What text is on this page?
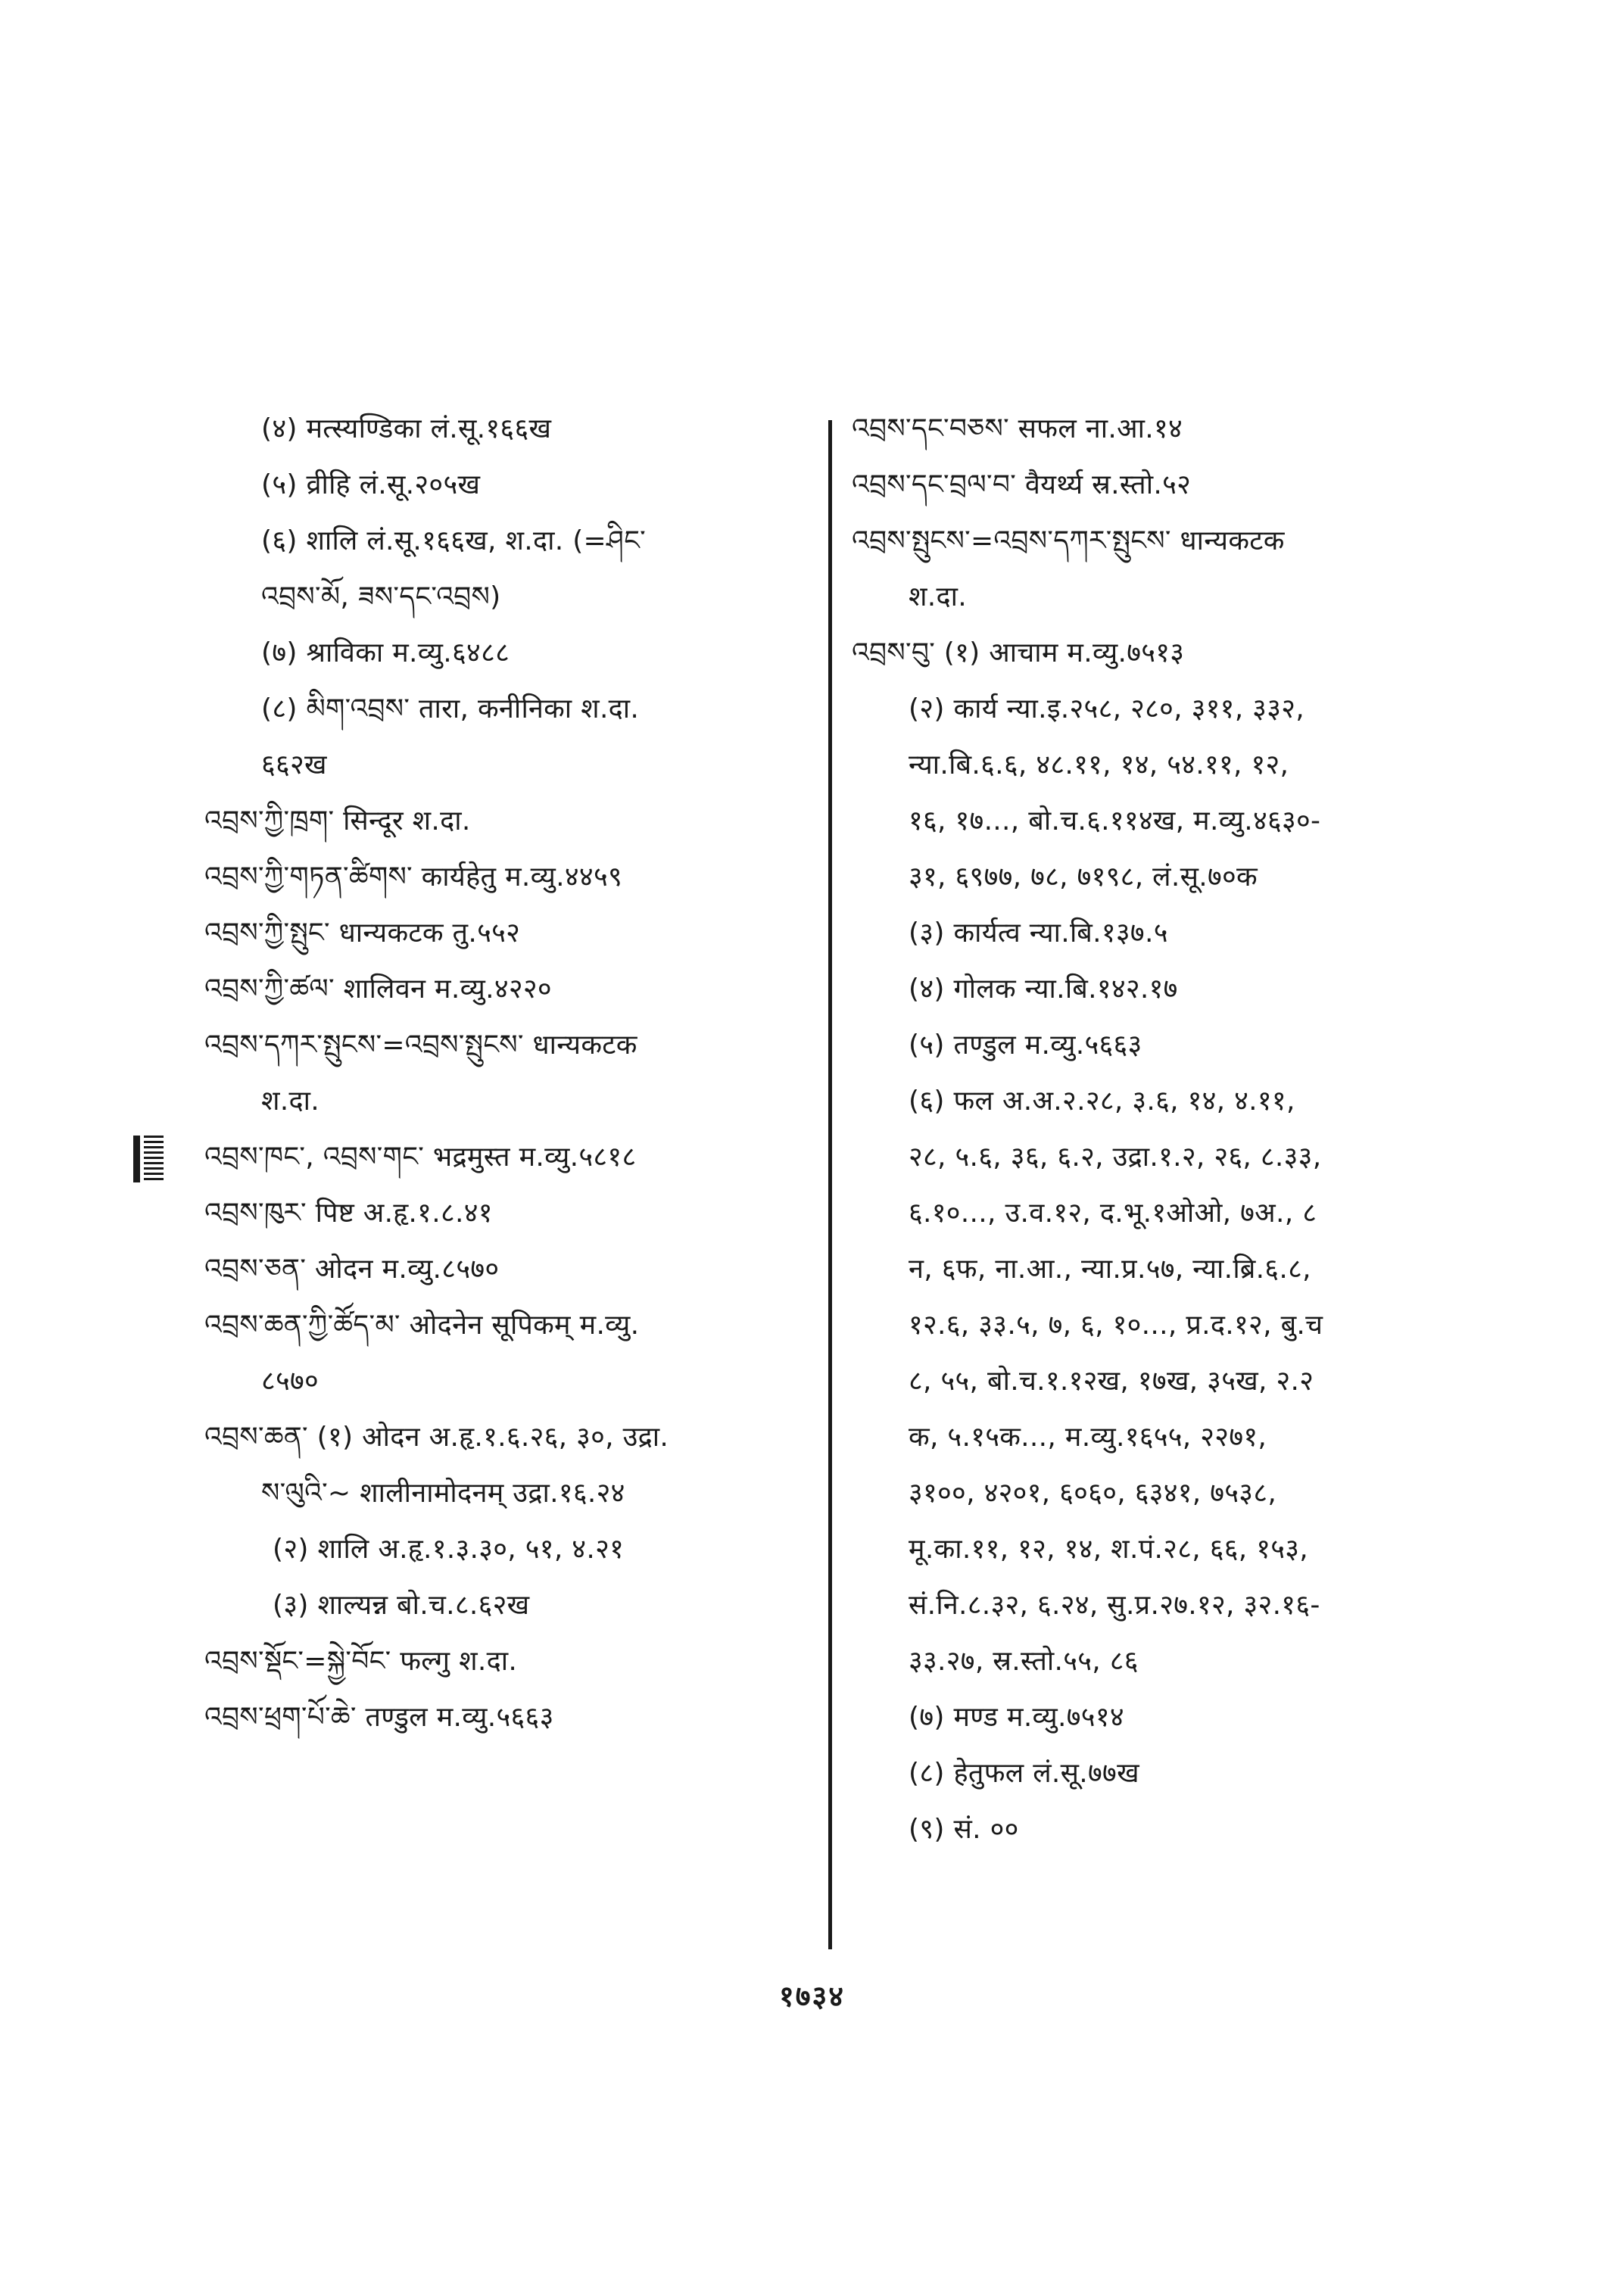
(४) मत्स्यण्डिका लं.सू.१६६ख
(५) व्रीहि लं.सू.२०५ख
(६) शालि लं.सू.१६६ख, श.दा. (=ཤིང་
འབྲས་མོ, ཟས་དང་འབྲས)
(७) श्राविका म.व्यु.६४८८
(८) མིག་འབྲས་ तारा, कनीनिका श.दा.
६६२ख
འབྲས་ཀྱི་ཁྲག་ सिन्दूर श.दा.
འབྲས་ཀྱི་གཏན་ཚིགས་ कार्यहेतु म.व्यु.४४५९
འབྲས་ཀྱི་སྤུང་ धान्यकटक तु.५५२
འབྲས་ཀྱི་ཚལ་ शालिवन म.व्यु.४२२०
འབྲས་དཀར་སྤུངས་=འབྲས་སྤུངས་ धान्यकटक
श.दा.
འབྲས་ཁང་, འབྲས་གང་ भद्रमुस्त म.व्यु.५८१८
འབྲས་ཁུར་ पिष्ट अ.हृ.१.८.४१
འབྲས་ཅན་ ओदन म.व्यु.८५७०
འབྲས་ཆན་ཀྱི་ཚོད་མ་ ओदनेन सूपिकम् म.व्यु.
८५७०
འབྲས་ཆན་ (१) ओदन अ.हृ.१.६.२६, ३०, उद्रा.
ས་ལུའི་~ शालीनामोदनम् उद्रा.१६.२४
(२) शालि अ.हृ.१.३.३०, ५१, ४.२१
(३) शाल्यन्न बो.च.८.६२ख
འབྲས་སྡོང་=སྐྱེ་བོང་ फल्गु श.दा.
འབྲས་ཕྲག་པོ་ཆེ་ तण्डुल म.व्यु.५६६३
འབྲས་དང་བཅས་ सफल ना.आ.१४
འབྲས་དང་བྲལ་བ་ वैयर्थ्य स्र.स्तो.५२
འབྲས་སྤུངས་=འབྲས་དཀར་སྤུངས་ धान्यकटक
श.दा.
འབྲས་བུ་ (१) आचाम म.व्यु.७५१३
(२) कार्य न्या.इ.२५८, २८०, ३११, ३३२,
न्या.बि.६.६, ४८.११, १४, ५४.११, १२,
१६, १७..., बो.च.६.११४ख, म.व्यु.४६३०-
३१, ६९७७, ७८, ७१९८, लं.सू.७०क
(३) कार्यत्व न्या.बि.१३७.५
(४) गोलक न्या.बि.१४२.१७
(५) तण्डुल म.व्यु.५६६३
(६) फल अ.अ.२.२८, ३.६, १४, ४.११,
२८, ५.६, ३६, ६.२, उद्रा.१.२, २६, ८.३३,
६.१०..., उ.व.१२, द.भू.१ओओ, ७अ., ८
न, ६फ, ना.आ., न्या.प्र.५७, न्या.ब्रि.६.८,
१२.६, ३३.५, ७, ६, १०..., प्र.द.१२, बु.च
८, ५५, बो.च.१.१२ख, १७ख, ३५ख, २.२
क, ५.१५क..., म.व्यु.१६५५, २२७१,
३१००, ४२०१, ६०६०, ६३४१, ७५३८,
मू.का.११, १२, १४, श.पं.२८, ६६, १५३,
सं.नि.८.३२, ६.२४, सु.प्र.२७.१२, ३२.१६-
३३.२७, स्र.स्तो.५५, ८६
(७) मण्ड म.व्यु.७५१४
(८) हेतुफल लं.सू.७७ख
(९) सं. ००
१७३४
